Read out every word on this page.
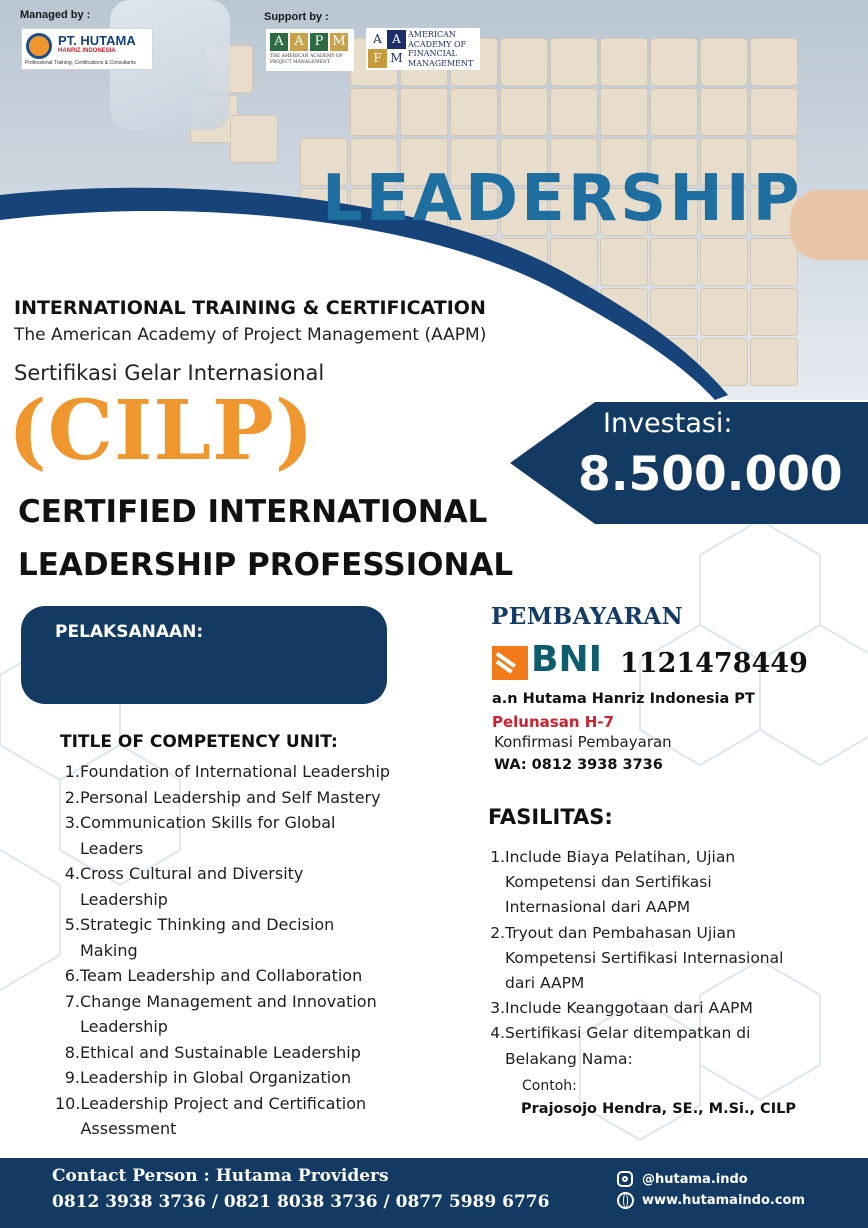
Managed by :
PT. HUTAMA
HANRIZ INDONESIA
Professional Training, Certifications & Consultants
Support by :
A A P M
THE AMERICAN ACADEMY OF PROJECT MANAGEMENT
A A
F M
AMERICAN
ACADEMY OF
FINANCIAL
MANAGEMENT
LEADERSHIP
INTERNATIONAL TRAINING & CERTIFICATION
The American Academy of Project Management (AAPM)
Sertifikasi Gelar Internasional
(CILP)
CERTIFIED INTERNATIONAL
LEADERSHIP PROFESSIONAL
Investasi:
8.500.000
PELAKSANAAN:
TITLE OF COMPETENCY UNIT:
1. Foundation of International Leadership
2. Personal Leadership and Self Mastery
3. Communication Skills for Global
Leaders
4. Cross Cultural and Diversity
Leadership
5. Strategic Thinking and Decision
Making
6. Team Leadership and Collaboration
7. Change Management and Innovation
Leadership
8. Ethical and Sustainable Leadership
9. Leadership in Global Organization
10. Leadership Project and Certification
Assessment
PEMBAYARAN
BNI 1121478449
a.n Hutama Hanriz Indonesia PT
Pelunasan H-7
Konfirmasi Pembayaran
WA: 0812 3938 3736
FASILITAS:
1. Include Biaya Pelatihan, Ujian
Kompetensi dan Sertifikasi
Internasional dari AAPM
2. Tryout dan Pembahasan Ujian
Kompetensi Sertifikasi Internasional
dari AAPM
3. Include Keanggotaan dari AAPM
4. Sertifikasi Gelar ditempatkan di
Belakang Nama:
Contoh:
Prajosojo Hendra, SE., M.Si., CILP
Contact Person : Hutama Providers
0812 3938 3736 / 0821 8038 3736 / 0877 5989 6776
@hutama.indo
www.hutamaindo.com
